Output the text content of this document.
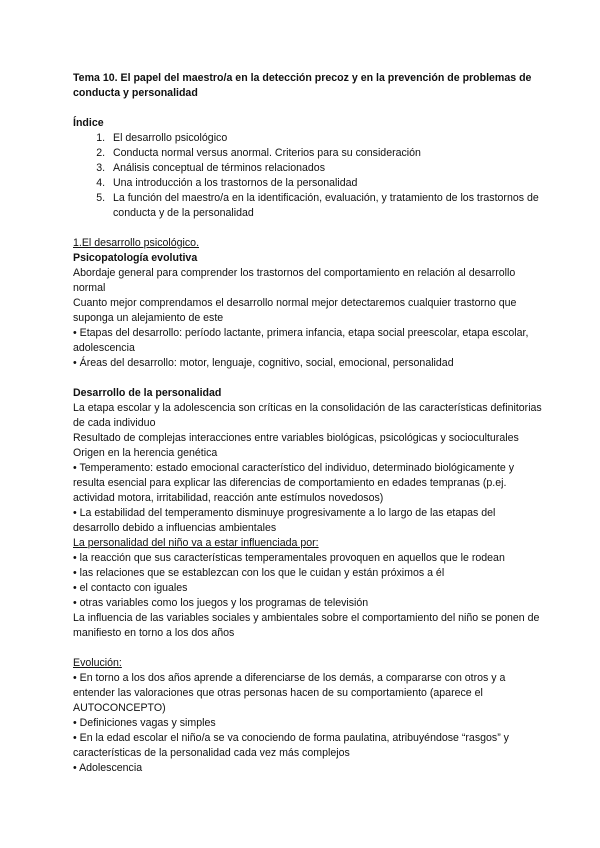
Tema 10. El papel del maestro/a en la detección precoz y en la prevención de problemas de conducta y personalidad

Índice

1. El desarrollo psicológico
2. Conducta normal versus anormal. Criterios para su consideración
3. Análisis conceptual de términos relacionados
4. Una introducción a los trastornos de la personalidad
5. La función del maestro/a en la identificación, evaluación, y tratamiento de los trastornos de conducta y de la personalidad

1.El desarrollo psicológico.

Psicopatología evolutiva

Abordaje general para comprender los trastornos del comportamiento en relación al desarrollo normal

Cuanto mejor comprendamos el desarrollo normal mejor detectaremos cualquier trastorno que suponga un alejamiento de este

• Etapas del desarrollo: período lactante, primera infancia, etapa social preescolar, etapa escolar, adolescencia

• Áreas del desarrollo: motor, lenguaje, cognitivo, social, emocional, personalidad

Desarrollo de la personalidad

La etapa escolar y la adolescencia son críticas en la consolidación de las características definitorias de cada individuo

Resultado de complejas interacciones entre variables biológicas, psicológicas y socioculturales

Origen en la herencia genética

• Temperamento: estado emocional característico del individuo, determinado biológicamente y resulta esencial para explicar las diferencias de comportamiento en edades tempranas (p.ej. actividad motora, irritabilidad, reacción ante estímulos novedosos)

• La estabilidad del temperamento disminuye progresivamente a lo largo de las etapas del desarrollo debido a influencias ambientales

La personalidad del niño va a estar influenciada por:

• la reacción que sus características temperamentales provoquen en aquellos que le rodean

• las relaciones que se establezcan con los que le cuidan y están próximos a él

• el contacto con iguales

• otras variables como los juegos y los programas de televisión

La influencia de las variables sociales y ambientales sobre el comportamiento del niño se ponen de manifiesto en torno a los dos años

Evolución:

• En torno a los dos años aprende a diferenciarse de los demás, a compararse con otros y a entender las valoraciones que otras personas hacen de su comportamiento (aparece el AUTOCONCEPTO)

• Definiciones vagas y simples

• En la edad escolar el niño/a se va conociendo de forma paulatina, atribuyéndose “rasgos” y características de la personalidad cada vez más complejos

• Adolescencia
